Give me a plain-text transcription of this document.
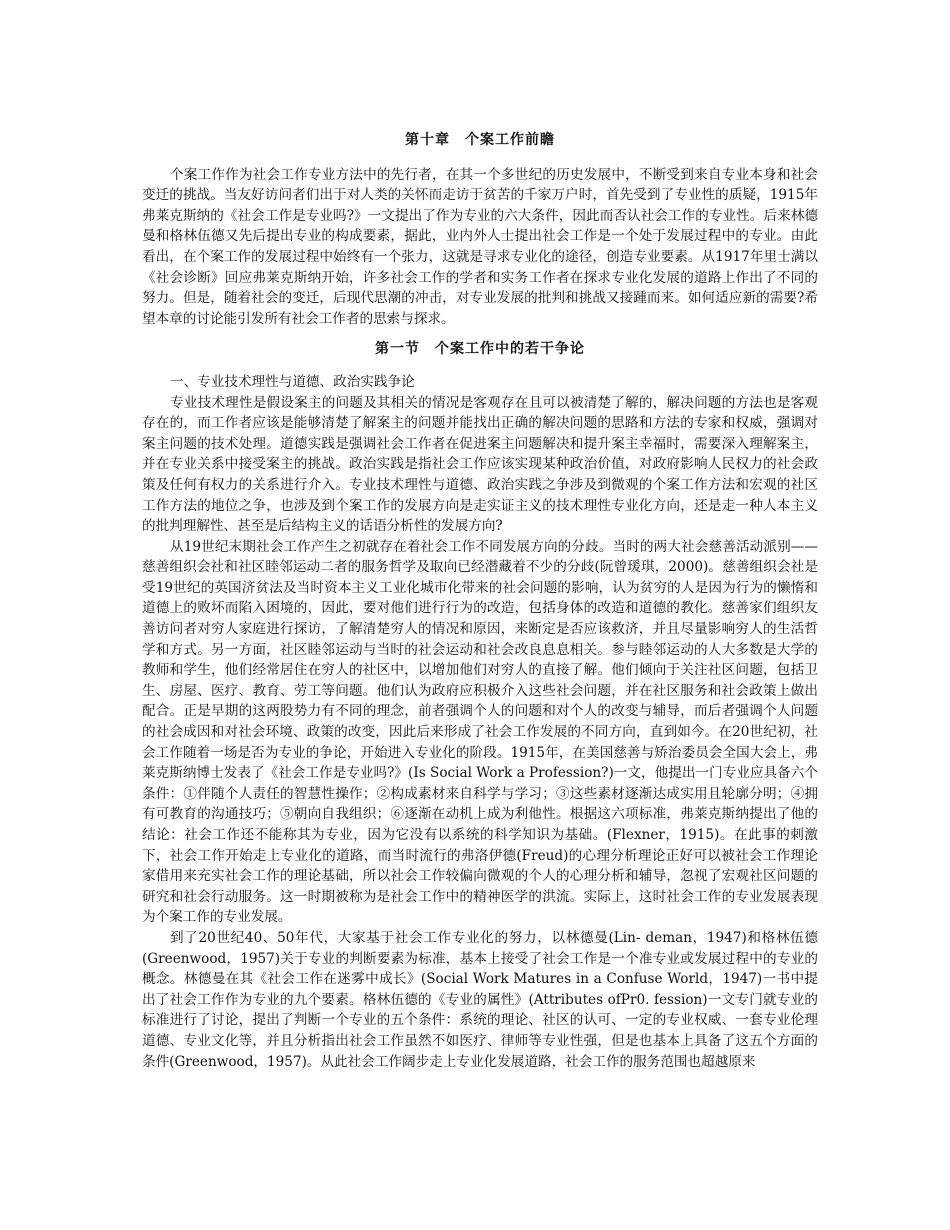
第十章　个案工作前瞻

个案工作作为社会工作专业方法中的先行者，在其一个多世纪的历史发展中，不断受到来自专业本身和社会变迁的挑战。当友好访问者们出于对人类的关怀而走访于贫苦的千家万户时，首先受到了专业性的质疑，1915年弗莱克斯纳的《社会工作是专业吗?》一文提出了作为专业的六大条件，因此而否认社会工作的专业性。后来林德曼和格林伍德又先后提出专业的构成要素，据此，业内外人士提出社会工作是一个处于发展过程中的专业。由此看出，在个案工作的发展过程中始终有一个张力，这就是寻求专业化的途径，创造专业要素。从1917年里士满以《社会诊断》回应弗莱克斯纳开始，许多社会工作的学者和实务工作者在探求专业化发展的道路上作出了不同的努力。但是，随着社会的变迁，后现代思潮的冲击，对专业发展的批判和挑战又接踵而来。如何适应新的需要?希望本章的讨论能引发所有社会工作者的思索与探求。

第一节　个案工作中的若干争论

一、专业技术理性与道德、政治实践争论

专业技术理性是假设案主的问题及其相关的情况是客观存在且可以被清楚了解的，解决问题的方法也是客观存在的，而工作者应该是能够清楚了解案主的问题并能找出正确的解决问题的思路和方法的专家和权威，强调对案主问题的技术处理。道德实践是强调社会工作者在促进案主问题解决和提升案主幸福时，需要深入理解案主，并在专业关系中接受案主的挑战。政治实践是指社会工作应该实现某种政治价值，对政府影响人民权力的社会政策及任何有权力的关系进行介入。专业技术理性与道德、政治实践之争涉及到微观的个案工作方法和宏观的社区工作方法的地位之争，也涉及到个案工作的发展方向是走实证主义的技术理性专业化方向，还是走一种人本主义的批判理解性、甚至是后结构主义的话语分析性的发展方向?

从19世纪末期社会工作产生之初就存在着社会工作不同发展方向的分歧。当时的两大社会慈善活动派别——慈善组织会社和社区睦邻运动二者的服务哲学及取向已经潜藏着不少的分歧(阮曾瑗琪，2000)。慈善组织会社是受19世纪的英国济贫法及当时资本主义工业化城市化带来的社会问题的影响，认为贫穷的人是因为行为的懒惰和道德上的败坏而陷入困境的，因此，要对他们进行行为的改造，包括身体的改造和道德的教化。慈善家们组织友善访问者对穷人家庭进行探访，了解清楚穷人的情况和原因，来断定是否应该救济，并且尽量影响穷人的生活哲学和方式。另一方面，社区睦邻运动与当时的社会运动和社会改良息息相关。参与睦邻运动的人大多数是大学的教师和学生，他们经常居住在穷人的社区中，以增加他们对穷人的直接了解。他们倾向于关注社区问题，包括卫生、房屋、医疗、教育、劳工等问题。他们认为政府应积极介入这些社会问题，并在社区服务和社会政策上做出配合。正是早期的这两股势力有不同的理念，前者强调个人的问题和对个人的改变与辅导，而后者强调个人问题的社会成因和对社会环境、政策的改变，因此后来形成了社会工作发展的不同方向，直到如今。在20世纪初，社会工作随着一场是否为专业的争论，开始进入专业化的阶段。1915年，在美国慈善与矫治委员会全国大会上，弗莱克斯纳博士发表了《社会工作是专业吗?》(Is Social Work a Profession?)一文，他提出一门专业应具备六个条件：①伴随个人责任的智慧性操作；②构成素材来自科学与学习；③这些素材逐渐达成实用且轮廓分明；④拥有可教育的沟通技巧；⑤朝向自我组织；⑥逐渐在动机上成为利他性。根据这六项标准，弗莱克斯纳提出了他的结论：社会工作还不能称其为专业，因为它没有以系统的科学知识为基础。(Flexner，1915)。在此事的刺激下，社会工作开始走上专业化的道路，而当时流行的弗洛伊德(Freud)的心理分析理论正好可以被社会工作理论家借用来充实社会工作的理论基础，所以社会工作较偏向微观的个人的心理分析和辅导，忽视了宏观社区问题的研究和社会行动服务。这一时期被称为是社会工作中的精神医学的洪流。实际上，这时社会工作的专业发展表现为个案工作的专业发展。

到了20世纪40、50年代，大家基于社会工作专业化的努力，以林德曼(Lin- deman，1947)和格林伍德(Greenwood，1957)关于专业的判断要素为标准，基本上接受了社会工作是一个准专业或发展过程中的专业的概念。林德曼在其《社会工作在迷雾中成长》(Social Work Matures in a Confuse World，1947)一书中提出了社会工作作为专业的九个要素。格林伍德的《专业的属性》(Attributes ofPr0. fession)一文专门就专业的标准进行了讨论，提出了判断一个专业的五个条件：系统的理论、社区的认可、一定的专业权威、一套专业伦理道德、专业文化等，并且分析指出社会工作虽然不如医疗、律师等专业性强，但是也基本上具备了这五个方面的条件(Greenwood，1957)。从此社会工作阔步走上专业化发展道路，社会工作的服务范围也超越原来
